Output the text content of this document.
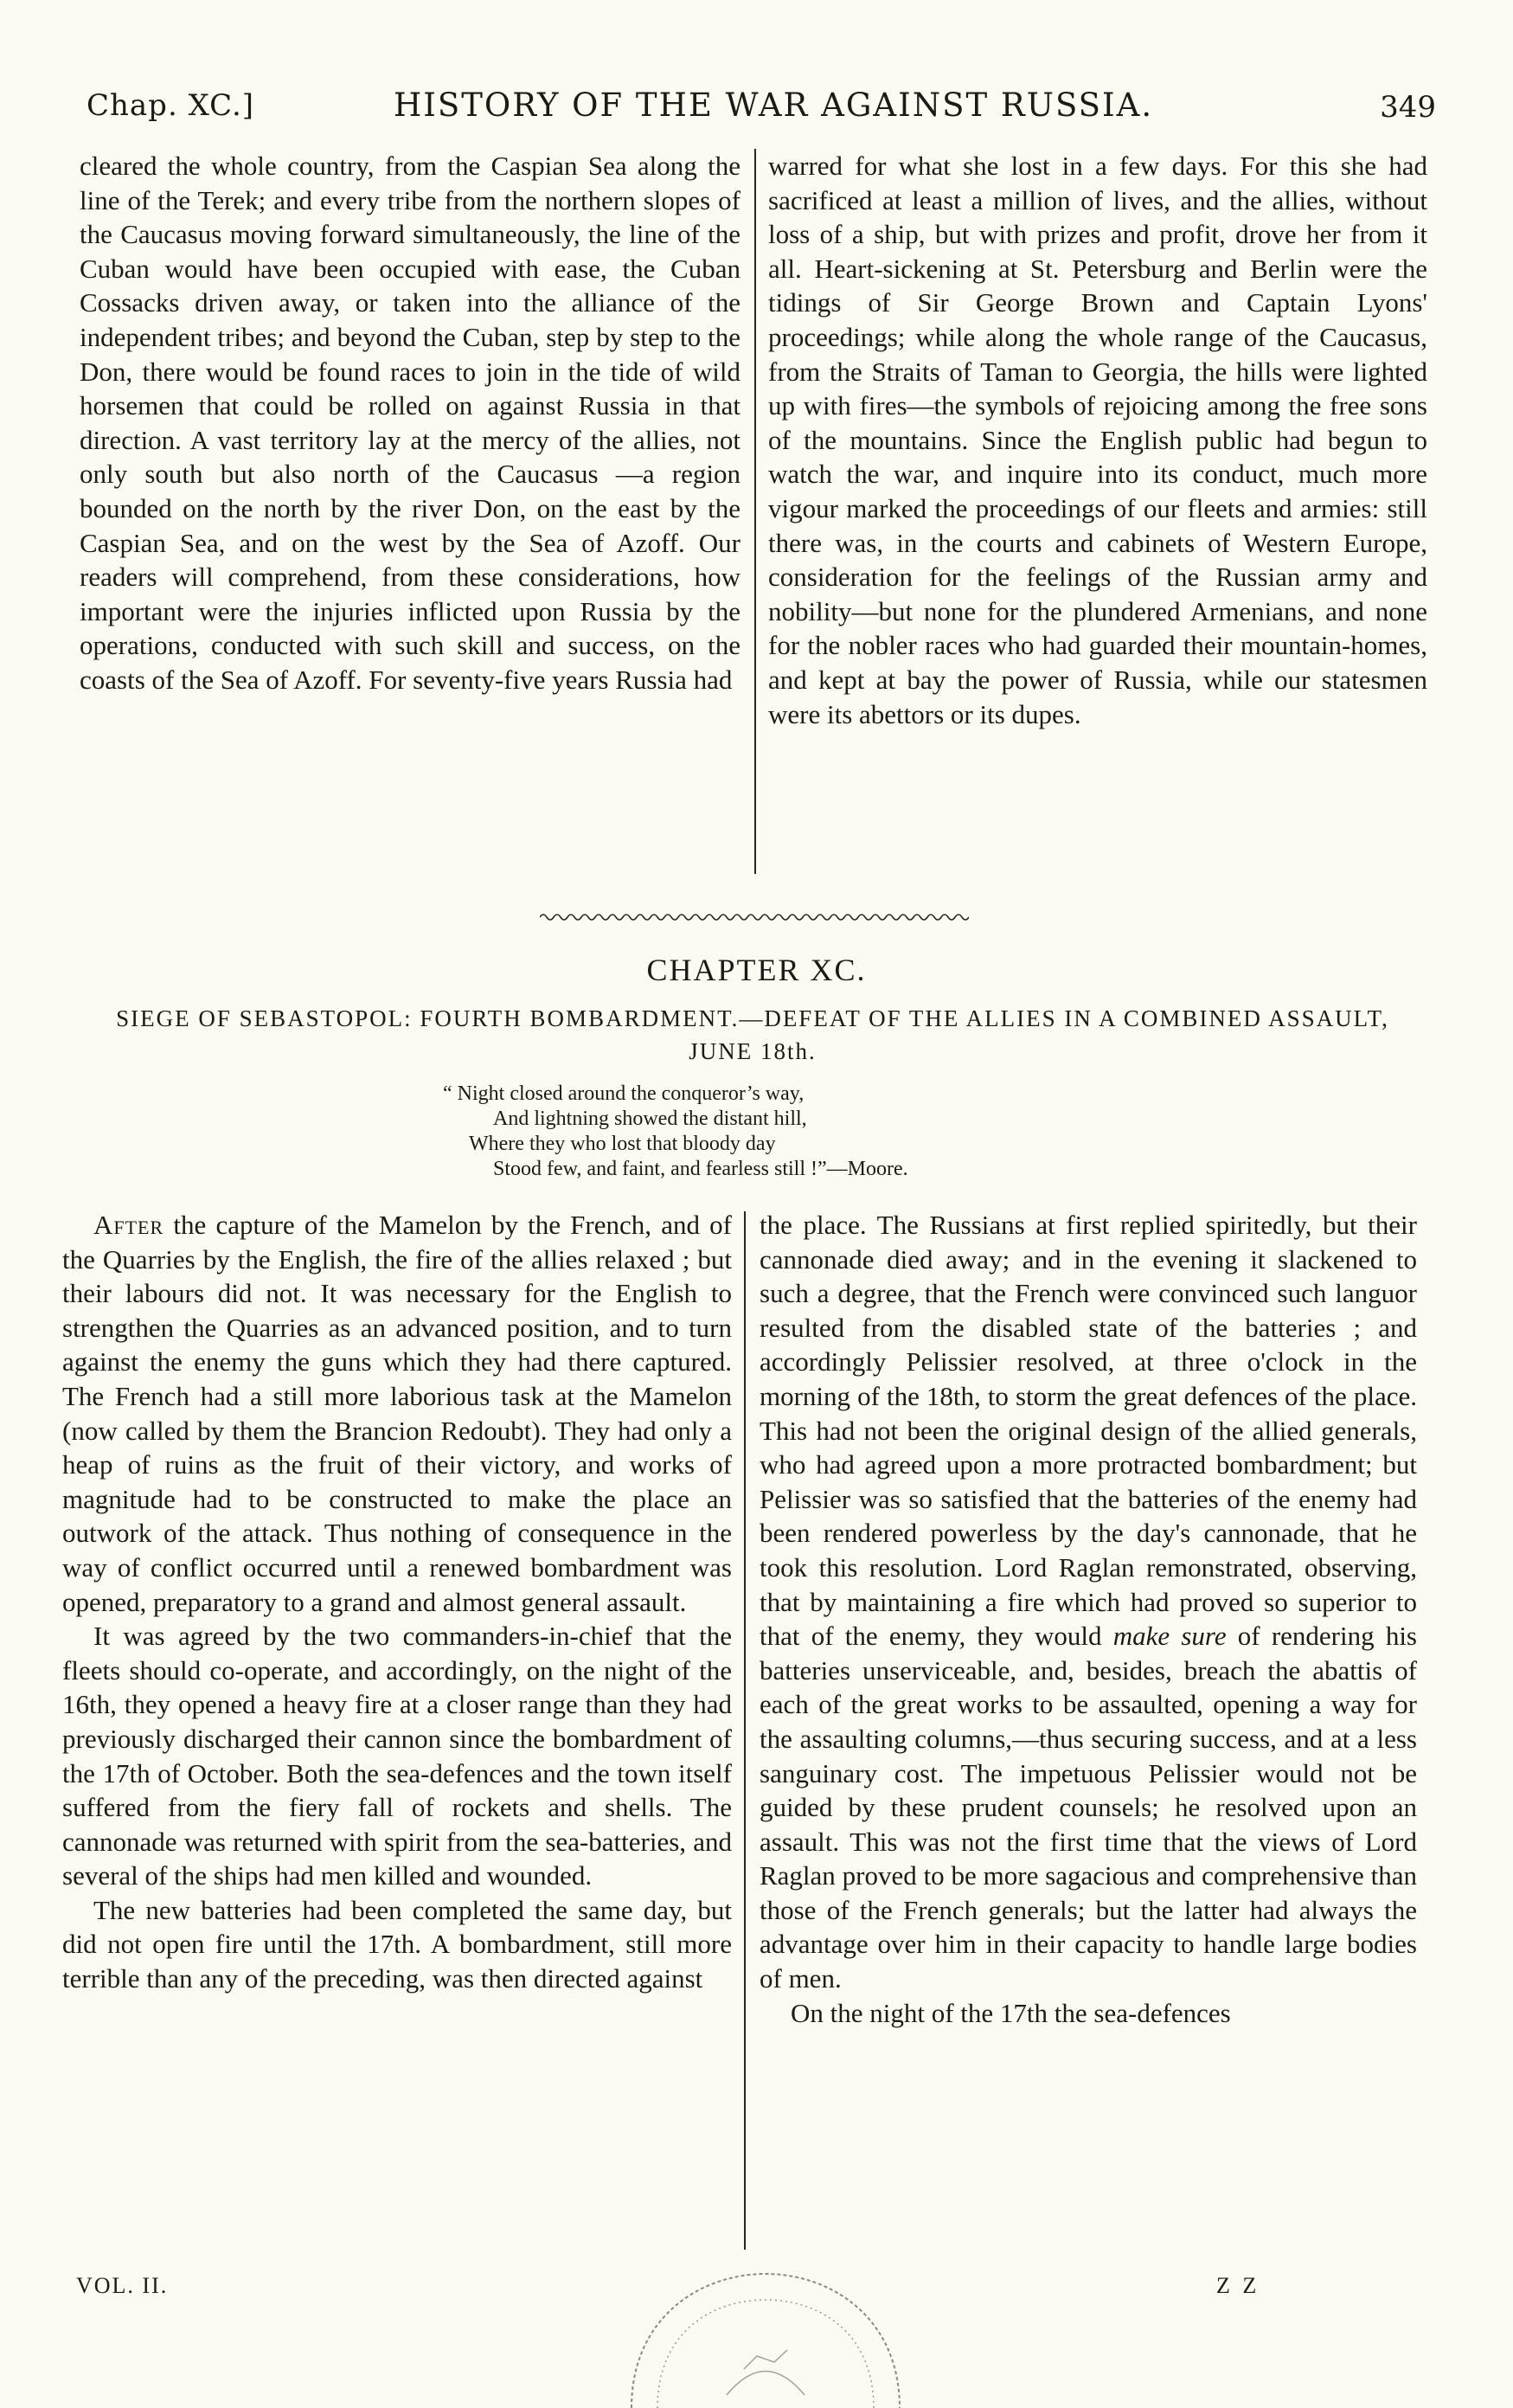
Chap. XC.]	HISTORY OF THE WAR AGAINST RUSSIA.	349

cleared the whole country, from the Caspian Sea along the line of the Terek; and every tribe from the northern slopes of the Caucasus moving forward simultaneously, the line of the Cuban would have been occupied with ease, the Cuban Cossacks driven away, or taken into the alliance of the independent tribes; and beyond the Cuban, step by step to the Don, there would be found races to join in the tide of wild horsemen that could be rolled on against Russia in that direction. A vast territory lay at the mercy of the allies, not only south but also north of the Caucasus —a region bounded on the north by the river Don, on the east by the Caspian Sea, and on the west by the Sea of Azoff. Our readers will comprehend, from these considerations, how important were the injuries inflicted upon Russia by the operations, conducted with such skill and success, on the coasts of the Sea of Azoff. For seventy-five years Russia had

warred for what she lost in a few days. For this she had sacrificed at least a million of lives, and the allies, without loss of a ship, but with prizes and profit, drove her from it all. Heart-sickening at St. Petersburg and Berlin were the tidings of Sir George Brown and Captain Lyons' proceedings; while along the whole range of the Caucasus, from the Straits of Taman to Georgia, the hills were lighted up with fires—the symbols of rejoicing among the free sons of the mountains. Since the English public had begun to watch the war, and inquire into its conduct, much more vigour marked the proceedings of our fleets and armies: still there was, in the courts and cabinets of Western Europe, consideration for the feelings of the Russian army and nobility—but none for the plundered Armenians, and none for the nobler races who had guarded their mountain-homes, and kept at bay the power of Russia, while our statesmen were its abettors or its dupes.

CHAPTER XC.
SIEGE OF SEBASTOPOL: FOURTH BOMBARDMENT.—DEFEAT OF THE ALLIES IN A COMBINED ASSAULT, JUNE 18th.
“ Night closed around the conqueror’s way,
And lightning showed the distant hill,
Where they who lost that bloody day
Stood few, and faint, and fearless still !”—Moore.

After the capture of the Mamelon by the French, and of the Quarries by the English, the fire of the allies relaxed ; but their labours did not. It was necessary for the English to strengthen the Quarries as an advanced position, and to turn against the enemy the guns which they had there captured. The French had a still more laborious task at the Mamelon (now called by them the Brancion Redoubt). They had only a heap of ruins as the fruit of their victory, and works of magnitude had to be constructed to make the place an outwork of the attack. Thus nothing of consequence in the way of conflict occurred until a renewed bombardment was opened, preparatory to a grand and almost general assault.

It was agreed by the two commanders-in-chief that the fleets should co-operate, and accordingly, on the night of the 16th, they opened a heavy fire at a closer range than they had previously discharged their cannon since the bombardment of the 17th of October. Both the sea-defences and the town itself suffered from the fiery fall of rockets and shells. The cannonade was returned with spirit from the sea-batteries, and several of the ships had men killed and wounded.

The new batteries had been completed the same day, but did not open fire until the 17th. A bombardment, still more terrible than any of the preceding, was then directed against

the place. The Russians at first replied spiritedly, but their cannonade died away; and in the evening it slackened to such a degree, that the French were convinced such languor resulted from the disabled state of the batteries ; and accordingly Pelissier resolved, at three o'clock in the morning of the 18th, to storm the great defences of the place. This had not been the original design of the allied generals, who had agreed upon a more protracted bombardment; but Pelissier was so satisfied that the batteries of the enemy had been rendered powerless by the day's cannonade, that he took this resolution. Lord Raglan remonstrated, observing, that by maintaining a fire which had proved so superior to that of the enemy, they would make sure of rendering his batteries unserviceable, and, besides, breach the abattis of each of the great works to be assaulted, opening a way for the assaulting columns,—thus securing success, and at a less sanguinary cost. The impetuous Pelissier would not be guided by these prudent counsels; he resolved upon an assault. This was not the first time that the views of Lord Raglan proved to be more sagacious and comprehensive than those of the French generals; but the latter had always the advantage over him in their capacity to handle large bodies of men.

On the night of the 17th the sea-defences

VOL. II.	Z Z
